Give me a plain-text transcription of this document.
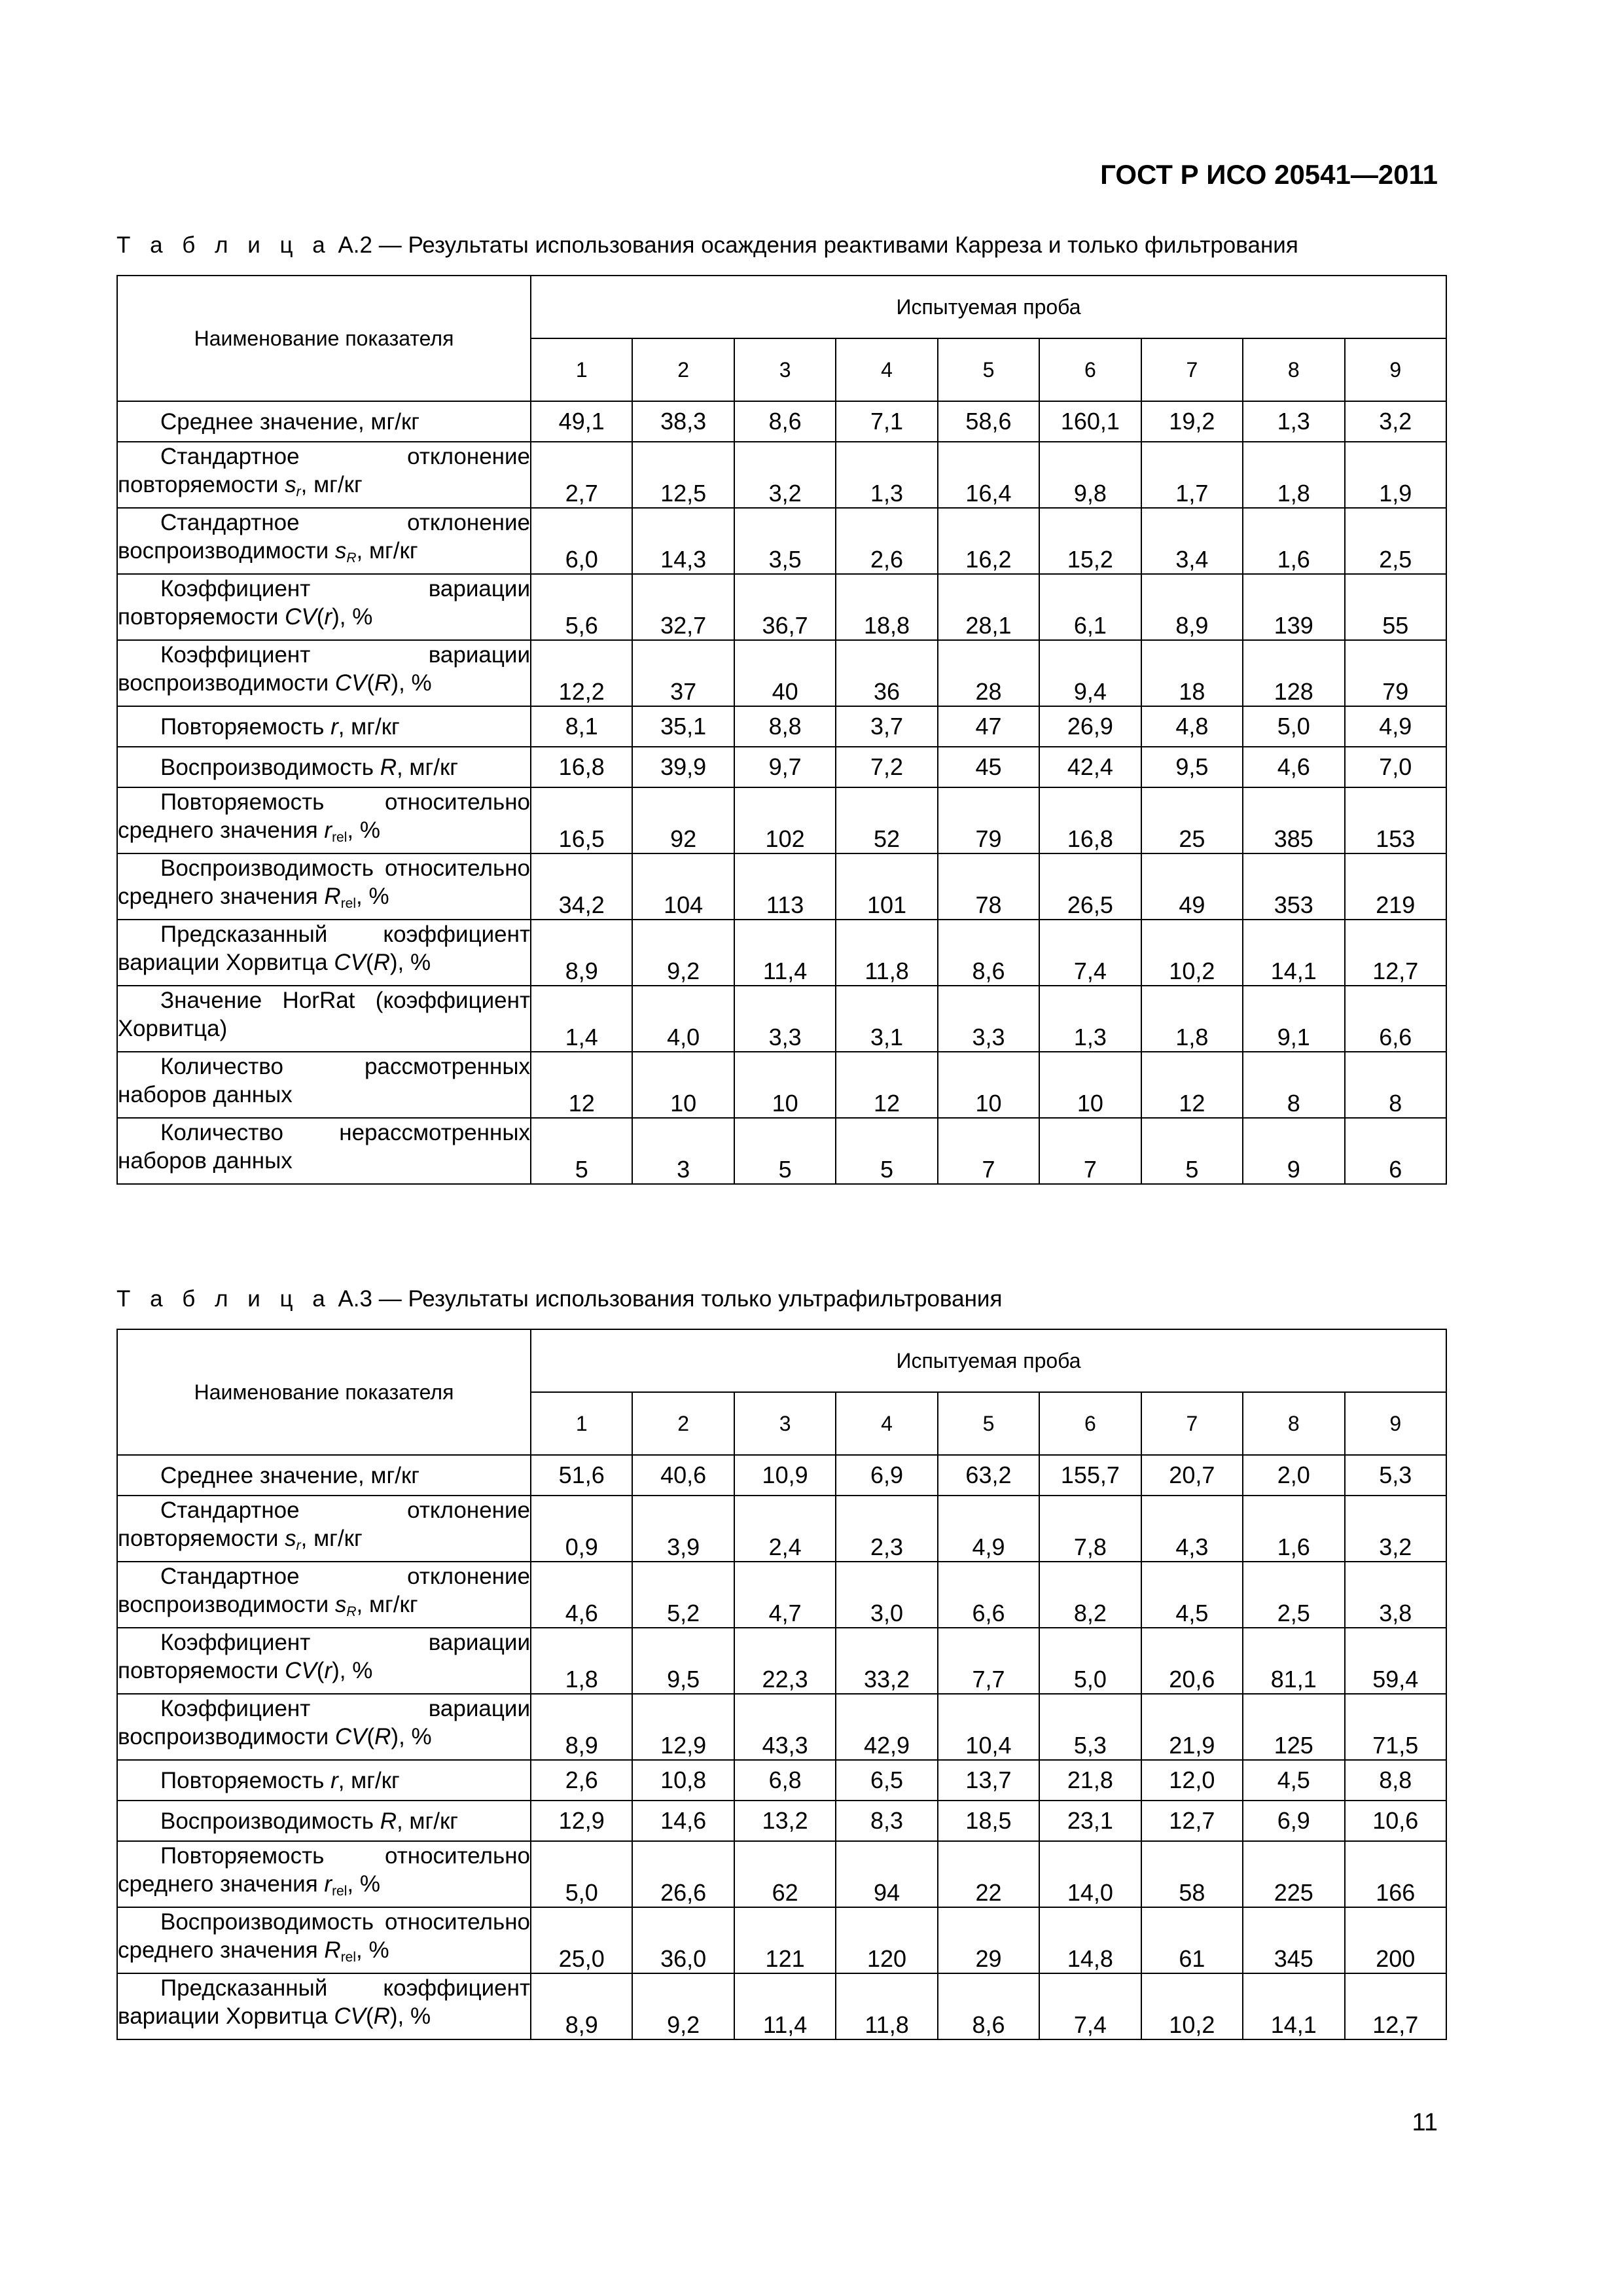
ГОСТ Р ИСО 20541—2011
Т а б л и ц а А.2 — Результаты использования осаждения реактивами Карреза и только фильтрования
Наименование показателя	Испытуемая проба								
	1	2	3	4	5	6	7	8	9
Среднее значение, мг/кг	49,1	38,3	8,6	7,1	58,6	160,1	19,2	1,3	3,2
Стандартное отклонение повторяемости $s_r$, мг/кг	2,7	12,5	3,2	1,3	16,4	9,8	1,7	1,8	1,9
Стандартное отклонение воспроизводимости $s_R$, мг/кг	6,0	14,3	3,5	2,6	16,2	15,2	3,4	1,6	2,5
Коэффициент вариации повторяемости CV(r), %	5,6	32,7	36,7	18,8	28,1	6,1	8,9	139	55
Коэффициент вариации воспроизводимости CV(R), %	12,2	37	40	36	28	9,4	18	128	79
Повторяемость r, мг/кг	8,1	35,1	8,8	3,7	47	26,9	4,8	5,0	4,9
Воспроизводимость R, мг/кг	16,8	39,9	9,7	7,2	45	42,4	9,5	4,6	7,0
Повторяемость относительно среднего значения $r_{rel}$, %	16,5	92	102	52	79	16,8	25	385	153
Воспроизводимость относительно среднего значения $R_{rel}$, %	34,2	104	113	101	78	26,5	49	353	219
Предсказанный коэффициент вариации Хорвитца CV(R), %	8,9	9,2	11,4	11,8	8,6	7,4	10,2	14,1	12,7
Значение HorRat (коэффициент Хорвитца)	1,4	4,0	3,3	3,1	3,3	1,3	1,8	9,1	6,6
Количество рассмотренных наборов данных	12	10	10	12	10	10	12	8	8
Количество нерассмотренных наборов данных	5	3	5	5	7	7	5	9	6
Т а б л и ц а А.3 — Результаты использования только ультрафильтрования
Наименование показателя	Испытуемая проба								
	1	2	3	4	5	6	7	8	9
Среднее значение, мг/кг	51,6	40,6	10,9	6,9	63,2	155,7	20,7	2,0	5,3
Стандартное отклонение повторяемости $s_r$, мг/кг	0,9	3,9	2,4	2,3	4,9	7,8	4,3	1,6	3,2
Стандартное отклонение воспроизводимости $s_R$, мг/кг	4,6	5,2	4,7	3,0	6,6	8,2	4,5	2,5	3,8
Коэффициент вариации повторяемости CV(r), %	1,8	9,5	22,3	33,2	7,7	5,0	20,6	81,1	59,4
Коэффициент вариации воспроизводимости CV(R), %	8,9	12,9	43,3	42,9	10,4	5,3	21,9	125	71,5
Повторяемость r, мг/кг	2,6	10,8	6,8	6,5	13,7	21,8	12,0	4,5	8,8
Воспроизводимость R, мг/кг	12,9	14,6	13,2	8,3	18,5	23,1	12,7	6,9	10,6
Повторяемость относительно среднего значения $r_{rel}$, %	5,0	26,6	62	94	22	14,0	58	225	166
Воспроизводимость относительно среднего значения $R_{rel}$, %	25,0	36,0	121	120	29	14,8	61	345	200
Предсказанный коэффициент вариации Хорвитца CV(R), %	8,9	9,2	11,4	11,8	8,6	7,4	10,2	14,1	12,7
11
